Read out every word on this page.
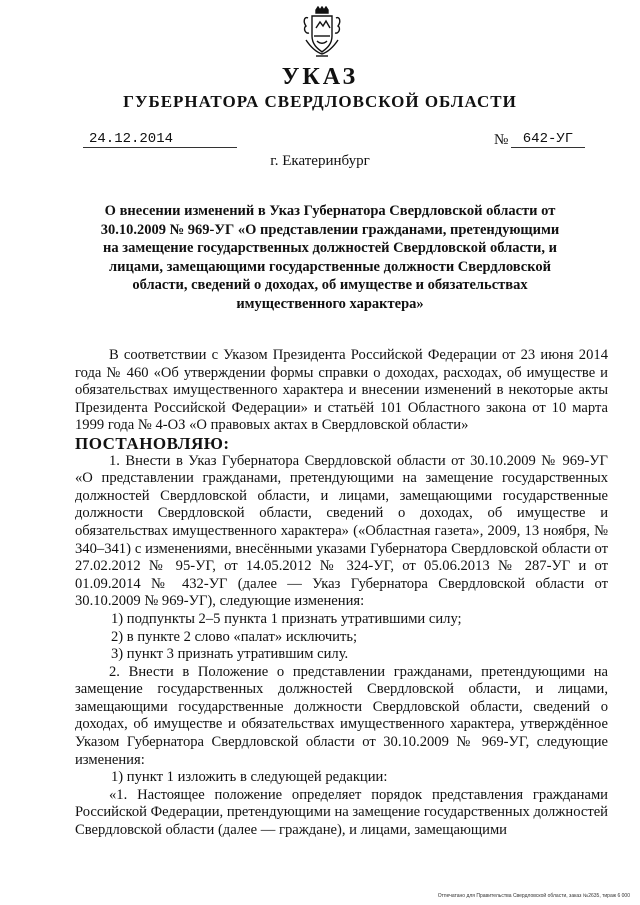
УКАЗ
ГУБЕРНАТОРА СВЕРДЛОВСКОЙ ОБЛАСТИ
24.12.2014	№	642-УГ
г. Екатеринбург
О внесении изменений в Указ Губернатора Свердловской области от 30.10.2009 № 969-УГ «О представлении гражданами, претендующими на замещение государственных должностей Свердловской области, и лицами, замещающими государственные должности Свердловской области, сведений о доходах, об имуществе и обязательствах имущественного характера»

В соответствии с Указом Президента Российской Федерации от 23 июня 2014 года № 460 «Об утверждении формы справки о доходах, расходах, об имуществе и обязательствах имущественного характера и внесении изменений в некоторые акты Президента Российской Федерации» и статьёй 101 Областного закона от 10 марта 1999 года № 4-ОЗ «О правовых актах в Свердловской области»

ПОСТАНОВЛЯЮ:

1. Внести в Указ Губернатора Свердловской области от 30.10.2009 № 969-УГ «О представлении гражданами, претендующими на замещение государственных должностей Свердловской области, и лицами, замещающими государственные должности Свердловской области, сведений о доходах, об имуществе и обязательствах имущественного характера» («Областная газета», 2009, 13 ноября, № 340–341) с изменениями, внесёнными указами Губернатора Свердловской области от 27.02.2012 № 95-УГ, от 14.05.2012 № 324-УГ, от 05.06.2013 № 287-УГ и от 01.09.2014 № 432-УГ (далее — Указ Губернатора Свердловской области от 30.10.2009 № 969-УГ), следующие изменения:

1) подпункты 2–5 пункта 1 признать утратившими силу;

2) в пункте 2 слово «палат» исключить;

3) пункт 3 признать утратившим силу.

2. Внести в Положение о представлении гражданами, претендующими на замещение государственных должностей Свердловской области, и лицами, замещающими государственные должности Свердловской области, сведений о доходах, об имуществе и обязательствах имущественного характера, утверждённое Указом Губернатора Свердловской области от 30.10.2009 № 969-УГ, следующие изменения:

1) пункт 1 изложить в следующей редакции:

«1. Настоящее положение определяет порядок представления гражданами Российской Федерации, претендующими на замещение государственных должностей Свердловской области (далее — граждане), и лицами, замещающими

Отпечатано для Правительства Свердловской области, заказ №2635, тираж 6 000
